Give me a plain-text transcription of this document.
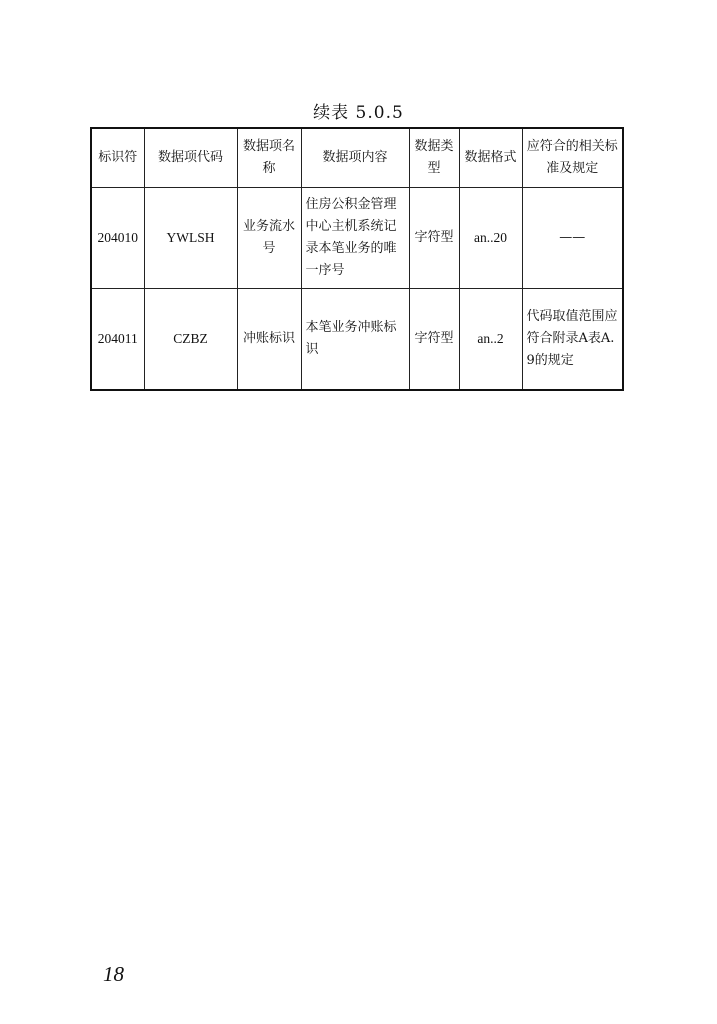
续表 5.0.5
标识符	数据项代码	数据项名称	数据项内容	数据类型	数据格式	应符合的相关标准及规定
204010	YWLSH	业务流水号	住房公积金管理中心主机系统记录本笔业务的唯一序号	字符型	an..20	——
204011	CZBZ	冲账标识	本笔业务冲账标识	字符型	an..2	代码取值范围应符合附录A表A.9的规定
18
